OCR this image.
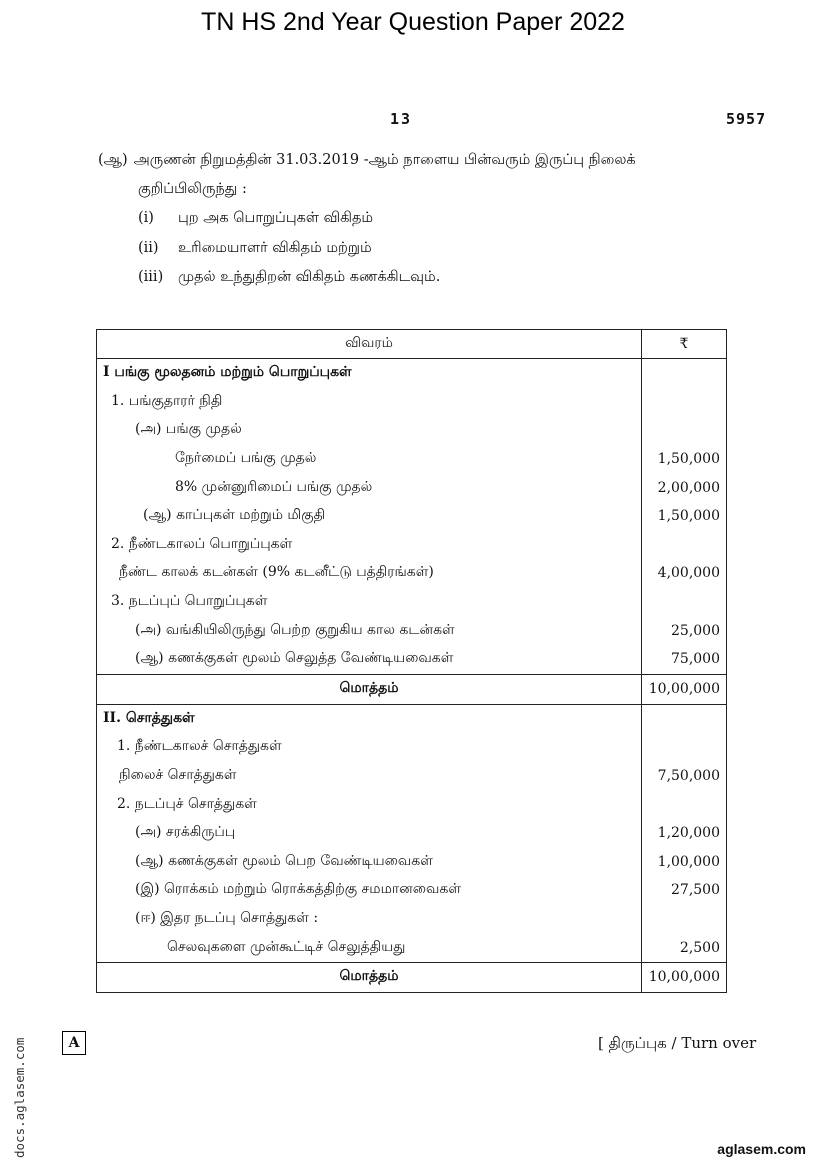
TN HS 2nd Year Question Paper 2022
13	5957
(ஆ) அருணன் நிறுமத்தின் 31.03.2019 -ஆம் நாளைய பின்வரும் இருப்பு நிலைக்
குறிப்பிலிருந்து :
(i) புற அக பொறுப்புகள் விகிதம்
(ii) உரிமையாளர் விகிதம் மற்றும்
(iii) முதல் உந்துதிறன் விகிதம் கணக்கிடவும்.
விவரம்	₹
I பங்கு மூலதனம் மற்றும் பொறுப்புகள்	
1. பங்குதாரர் நிதி	
(அ) பங்கு முதல்	
நேர்மைப் பங்கு முதல்	1,50,000
8% முன்னுரிமைப் பங்கு முதல்	2,00,000
(ஆ) காப்புகள் மற்றும் மிகுதி	1,50,000
2. நீண்டகாலப் பொறுப்புகள்	
நீண்ட காலக் கடன்கள் (9% கடனீட்டு பத்திரங்கள்)	4,00,000
3. நடப்புப் பொறுப்புகள்	
(அ) வங்கியிலிருந்து பெற்ற குறுகிய கால கடன்கள்	25,000
(ஆ) கணக்குகள் மூலம் செலுத்த வேண்டியவைகள்	75,000
மொத்தம்	10,00,000
II. சொத்துகள்	
1. நீண்டகாலச் சொத்துகள்	
நிலைச் சொத்துகள்	7,50,000
2. நடப்புச் சொத்துகள்	
(அ) சரக்கிருப்பு	1,20,000
(ஆ) கணக்குகள் மூலம் பெற வேண்டியவைகள்	1,00,000
(இ) ரொக்கம் மற்றும் ரொக்கத்திற்கு சமமானவைகள்	27,500
(ஈ) இதர நடப்பு சொத்துகள் :	
செலவுகளை முன்கூட்டிச் செலுத்தியது	2,500
மொத்தம்	10,00,000
A	[ திருப்புக / Turn over
docs.aglasem.com	aglasem.com
